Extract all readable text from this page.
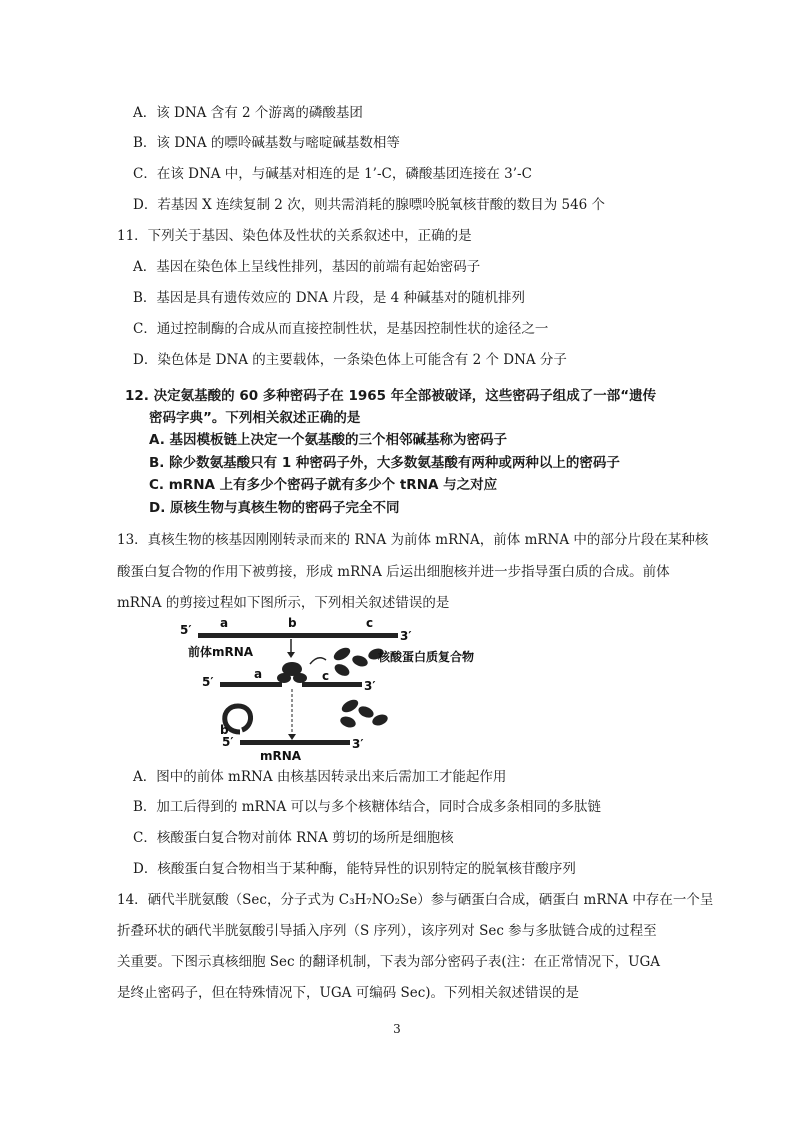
A．该 DNA 含有 2 个游离的磷酸基团
B．该 DNA 的嘌呤碱基数与嘧啶碱基数相等
C．在该 DNA 中，与碱基对相连的是 1’-C，磷酸基团连接在 3’-C
D．若基因 X 连续复制 2 次，则共需消耗的腺嘌呤脱氧核苷酸的数目为 546 个
11．下列关于基因、染色体及性状的关系叙述中，正确的是
A．基因在染色体上呈线性排列，基因的前端有起始密码子
B．基因是具有遗传效应的 DNA 片段，是 4 种碱基对的随机排列
C．通过控制酶的合成从而直接控制性状，是基因控制性状的途径之一
D．染色体是 DNA 的主要载体，一条染色体上可能含有 2 个 DNA 分子
12. 决定氨基酸的 60 多种密码子在 1965 年全部被破译，这些密码子组成了一部“遗传
密码字典”。下列相关叙述正确的是
A. 基因模板链上决定一个氨基酸的三个相邻碱基称为密码子
B. 除少数氨基酸只有 1 种密码子外，大多数氨基酸有两种或两种以上的密码子
C. mRNA 上有多少个密码子就有多少个 tRNA 与之对应
D. 原核生物与真核生物的密码子完全不同
13．真核生物的核基因刚刚转录而来的 RNA 为前体 mRNA，前体 mRNA 中的部分片段在某种核
酸蛋白复合物的作用下被剪接，形成 mRNA 后运出细胞核并进一步指导蛋白质的合成。前体
mRNA 的剪接过程如下图所示，下列相关叙述错误的是
5′ a	b	c
3′
前体mRNA	核酸蛋白质复合物
5′
a	c
3′
b
5′	3′
mRNA
A．图中的前体 mRNA 由核基因转录出来后需加工才能起作用
B．加工后得到的 mRNA 可以与多个核糖体结合，同时合成多条相同的多肽链
C．核酸蛋白复合物对前体 RNA 剪切的场所是细胞核
D．核酸蛋白复合物相当于某种酶，能特异性的识别特定的脱氧核苷酸序列
14．硒代半胱氨酸（Sec，分子式为 C₃H₇NO₂Se）参与硒蛋白合成，硒蛋白 mRNA 中存在一个呈
折叠环状的硒代半胱氨酸引导插入序列（S 序列），该序列对 Sec 参与多肽链合成的过程至
关重要。下图示真核细胞 Sec 的翻译机制，下表为部分密码子表(注：在正常情况下，UGA
是终止密码子，但在特殊情况下，UGA 可编码 Sec)。下列相关叙述错误的是
3
